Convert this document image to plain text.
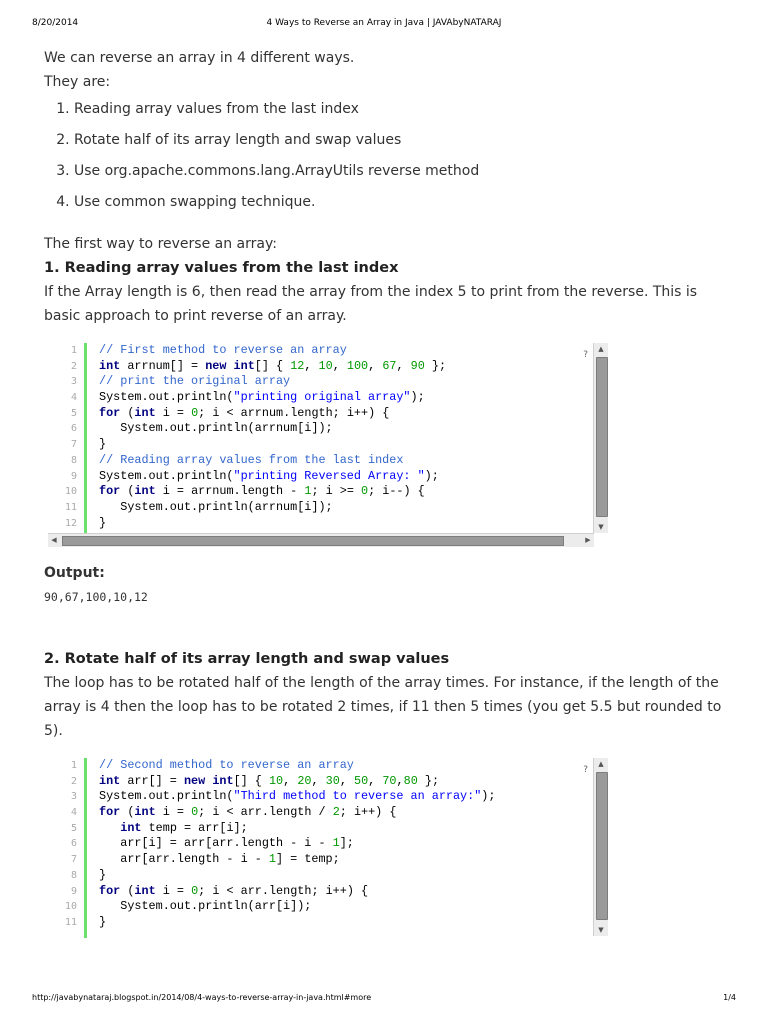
8/20/2014	4 Ways to Reverse an Array in Java | JAVAbyNATARAJ

We can reverse an array in 4 different ways.

They are:

1. Reading array values from the last index
2. Rotate half of its array length and swap values
3. Use org.apache.commons.lang.ArrayUtils reverse method
4. Use common swapping technique.

The first way to reverse an array:

1. Reading array values from the last index

If the Array length is 6, then read the array from the index 5 to print from the reverse. This is basic approach to print reverse of an array.

1
2
3
4
5
6
7
8
9
10
11
12
// First method to reverse an array
int arrnum[] = new int[] { 12, 10, 100, 67, 90 };
// print the original array
System.out.println("printing original array");
for (int i = 0; i < arrnum.length; i++) {
System.out.println(arrnum[i]);
}
// Reading array values from the last index
System.out.println("printing Reversed Array: ");
for (int i = arrnum.length - 1; i >= 0; i--) {
System.out.println(arrnum[i]);
}
?
▲
▼
◀	▶

Output:

90,67,100,10,12
2. Rotate half of its array length and swap values

The loop has to be rotated half of the length of the array times. For instance, if the length of the array is 4 then the loop has to be rotated 2 times, if 11 then 5 times (you get 5.5 but rounded to 5).

1
2
3
4
5
6
7
8
9
10
11
// Second method to reverse an array
int arr[] = new int[] { 10, 20, 30, 50, 70,80 };
System.out.println("Third method to reverse an array:");
for (int i = 0; i < arr.length / 2; i++) {
int temp = arr[i];
arr[i] = arr[arr.length - i - 1];
arr[arr.length - i - 1] = temp;
}
for (int i = 0; i < arr.length; i++) {
System.out.println(arr[i]);
}
?
▲
▼
http://javabynataraj.blogspot.in/2014/08/4-ways-to-reverse-array-in-java.html#more	1/4
